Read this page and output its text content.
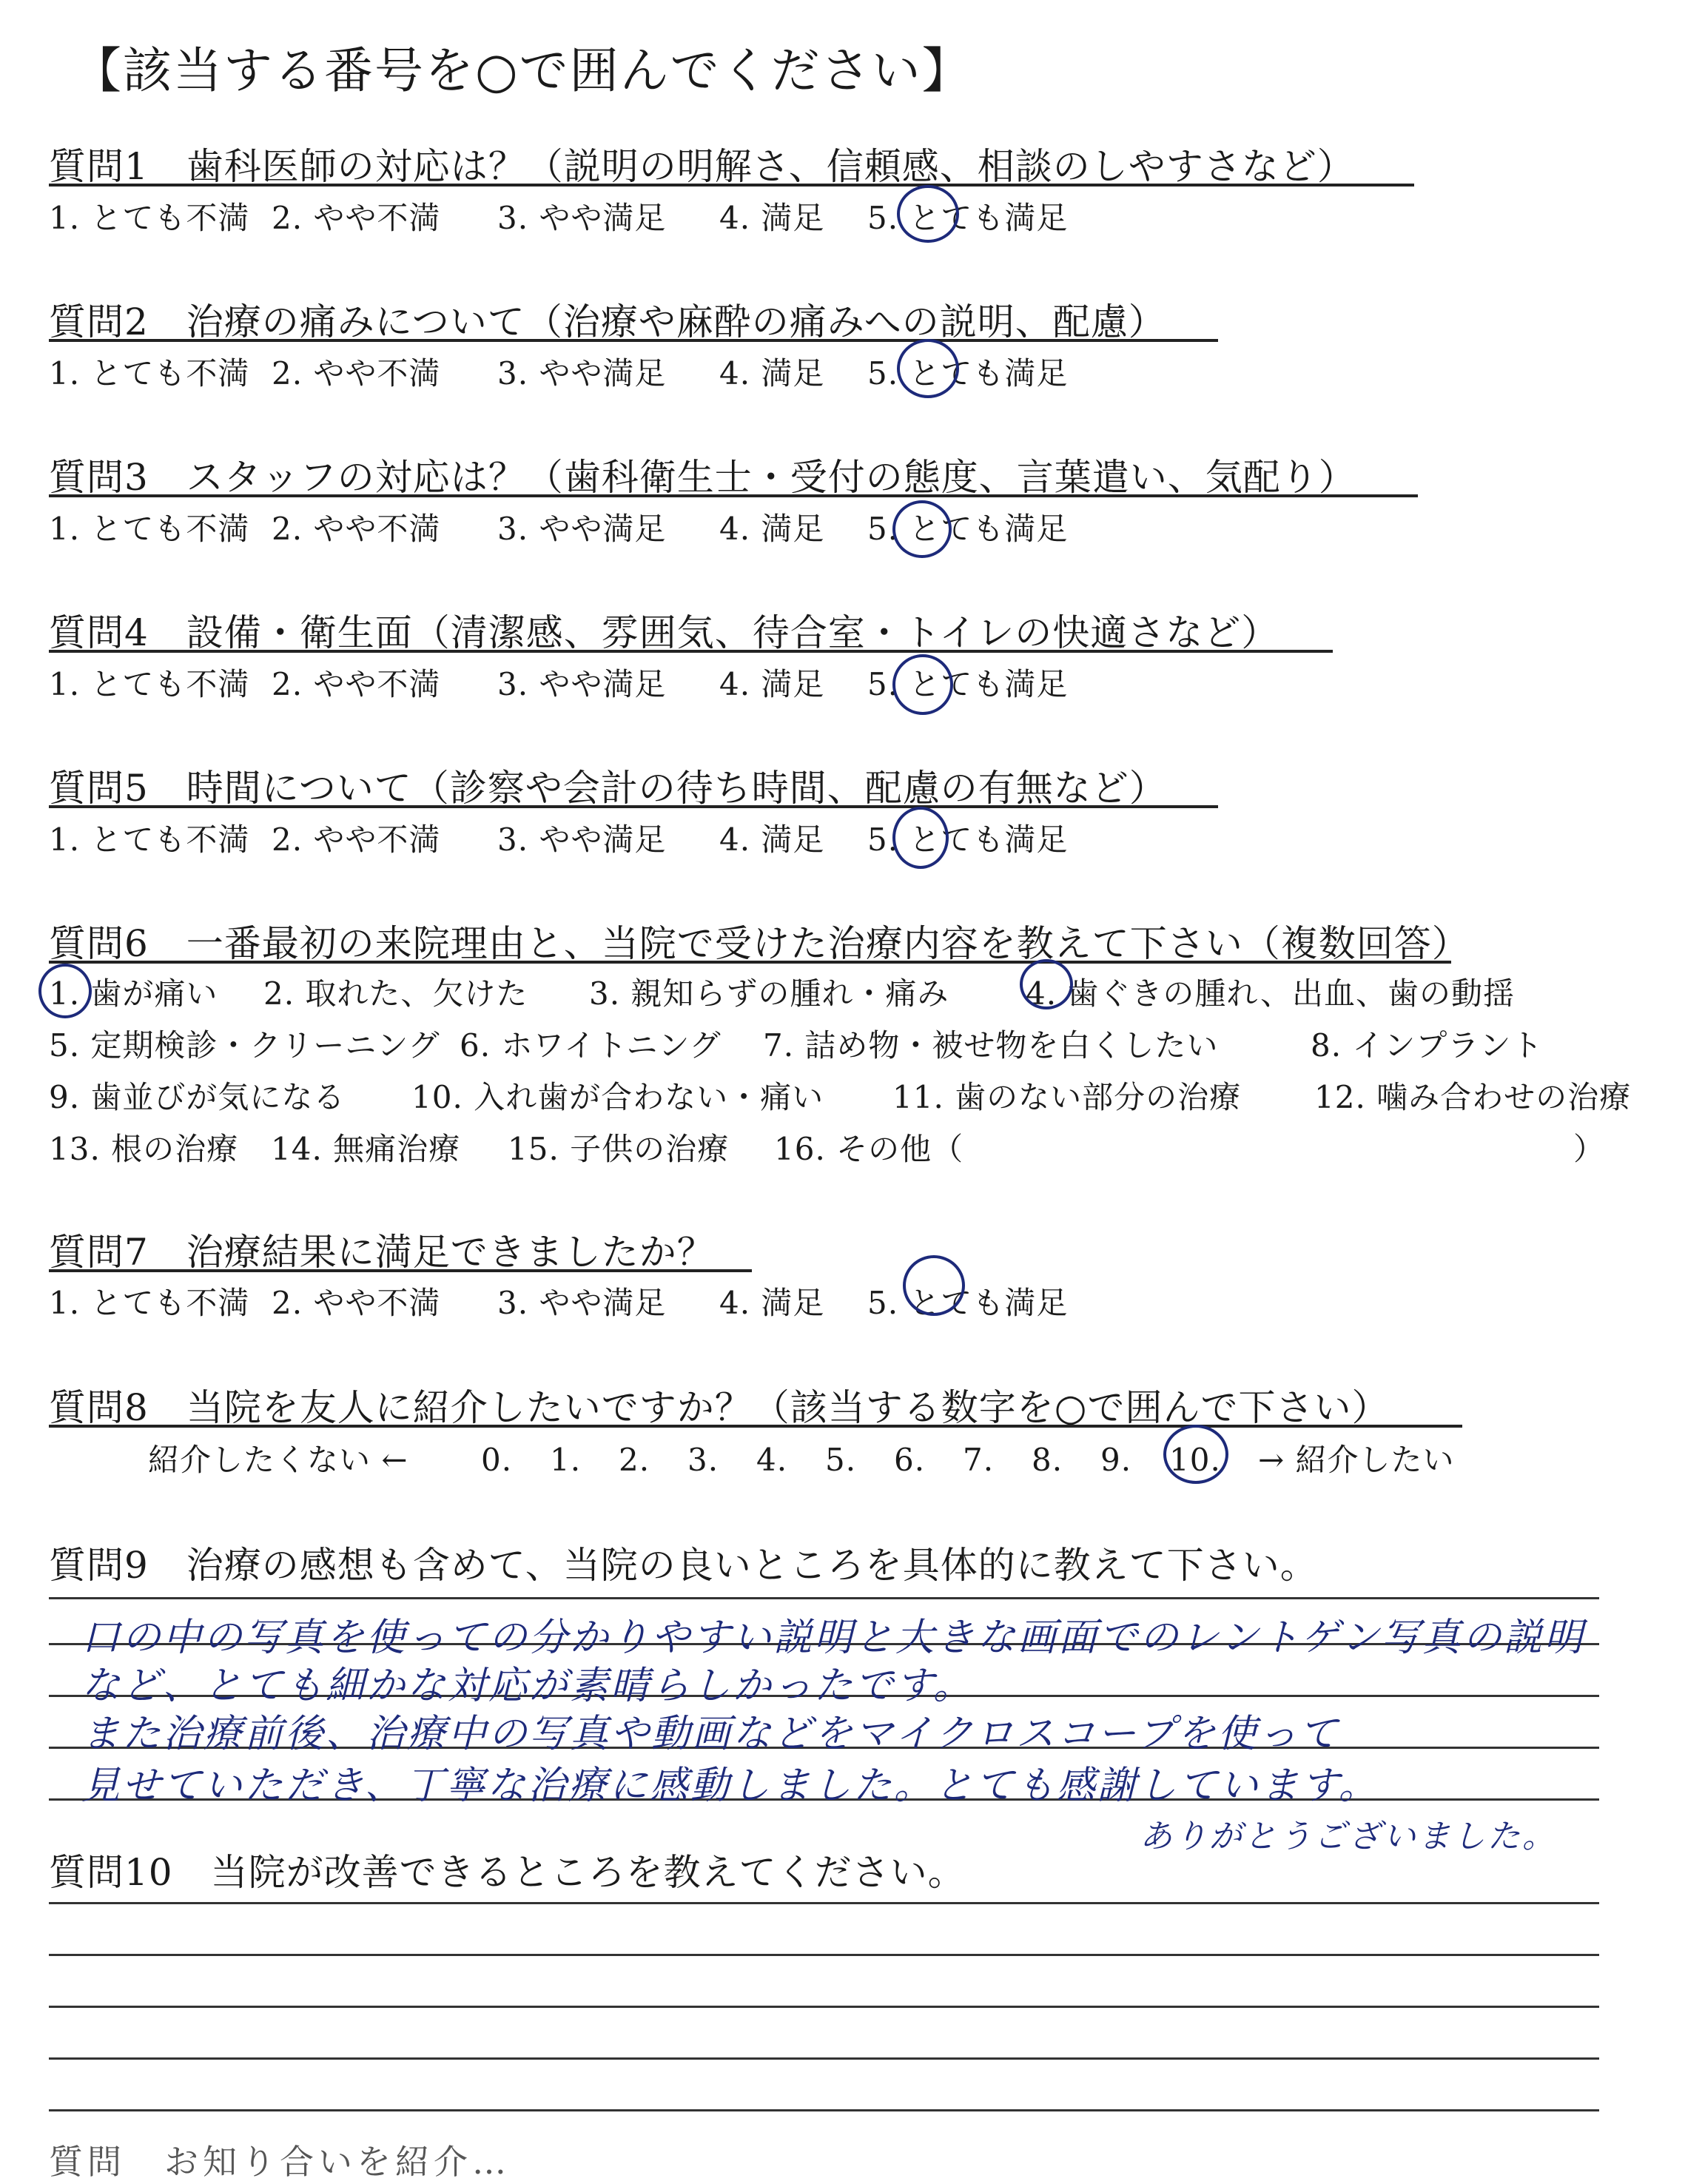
【該当する番号を○で囲んでください】
質問1　歯科医師の対応は？（説明の明解さ、信頼感、相談のしやすさなど）
1. とても不満 2. やや不満 3. やや満足 4. 満足 5. とても満足
質問2　治療の痛みについて（治療や麻酔の痛みへの説明、配慮）
1. とても不満 2. やや不満 3. やや満足 4. 満足 5. とても満足
質問3　スタッフの対応は？（歯科衛生士・受付の態度、言葉遣い、気配り）
1. とても不満 2. やや不満 3. やや満足 4. 満足 5. とても満足
質問4　設備・衛生面（清潔感、雰囲気、待合室・トイレの快適さなど）
1. とても不満 2. やや不満 3. やや満足 4. 満足 5. とても満足
質問5　時間について（診察や会計の待ち時間、配慮の有無など）
1. とても不満 2. やや不満 3. やや満足 4. 満足 5. とても満足
質問6　一番最初の来院理由と、当院で受けた治療内容を教えて下さい（複数回答）
1. 歯が痛い 2. 取れた、欠けた 3. 親知らずの腫れ・痛み 4. 歯ぐきの腫れ、出血、歯の動揺
5. 定期検診・クリーニング 6. ホワイトニング 7. 詰め物・被せ物を白くしたい	8. インプラント
9. 歯並びが気になる 10. 入れ歯が合わない・痛い 11. 歯のない部分の治療 12. 噛み合わせの治療
13. 根の治療 14. 無痛治療 15. 子供の治療 16. その他（	）
質問7　治療結果に満足できましたか？
1. とても不満 2. やや不満 3. やや満足 4. 満足 5. とても満足
質問8　当院を友人に紹介したいですか？（該当する数字を○で囲んで下さい）
紹介したくない ← 0. 1. 2. 3. 4. 5. 6. 7. 8. 9. 10. → 紹介したい
質問9　治療の感想も含めて、当院の良いところを具体的に教えて下さい。
口の中の写真を使っての分かりやすい説明と大きな画面でのレントゲン写真の説明
など、とても細かな対応が素晴らしかったです。
また治療前後、治療中の写真や動画などをマイクロスコープを使って
見せていただき、丁寧な治療に感動しました。とても感謝しています。
ありがとうございました。
質問10　当院が改善できるところを教えてください。
質問　お知り合いを紹介…
